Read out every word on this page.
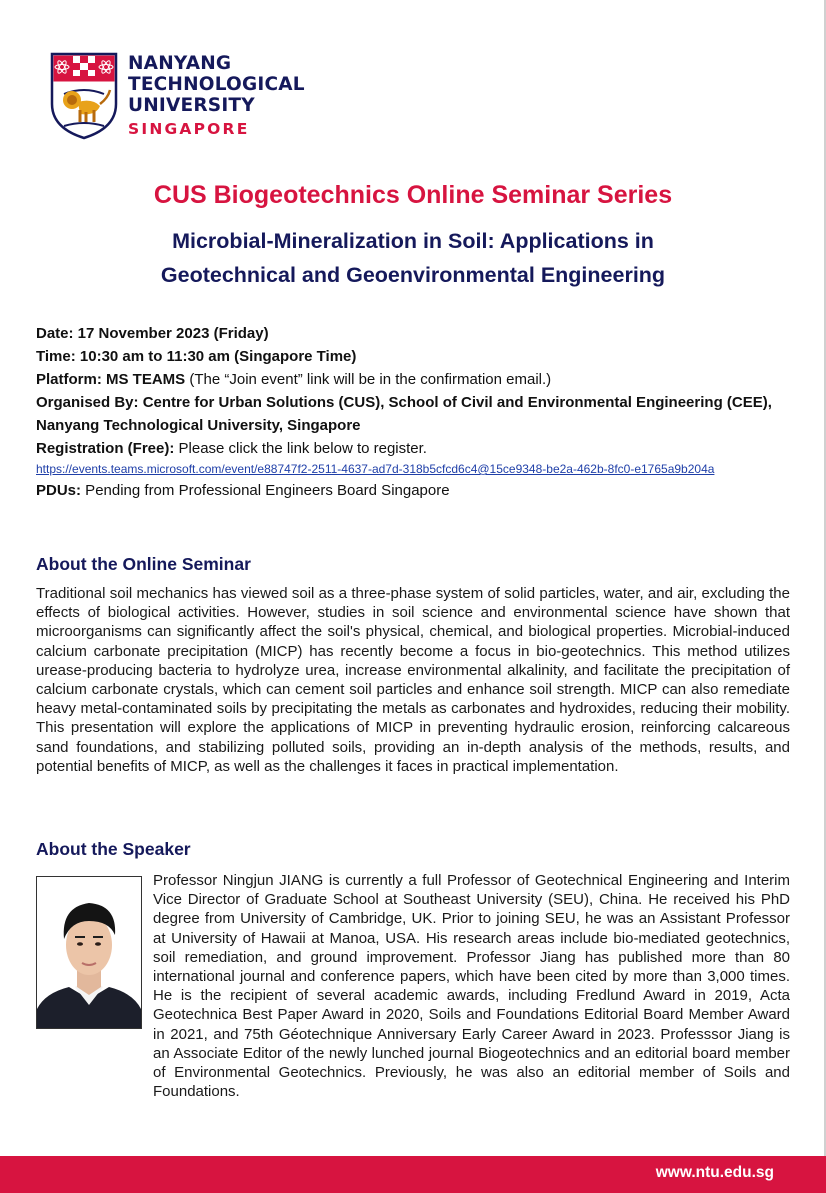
NANYANG
TECHNOLOGICAL
UNIVERSITY
SINGAPORE
CUS Biogeotechnics Online Seminar Series
Microbial-Mineralization in Soil: Applications in
Geotechnical and Geoenvironmental Engineering
Date: 17 November 2023 (Friday)
Time: 10:30 am to 11:30 am (Singapore Time)
Platform: MS TEAMS (The “Join event” link will be in the confirmation email.)
Organised By: Centre for Urban Solutions (CUS), School of Civil and Environmental Engineering (CEE), Nanyang Technological University, Singapore
Registration (Free): Please click the link below to register.
https://events.teams.microsoft.com/event/e88747f2-2511-4637-ad7d-318b5cfcd6c4@15ce9348-be2a-462b-8fc0-e1765a9b204a
PDUs: Pending from Professional Engineers Board Singapore
About the Online Seminar

Traditional soil mechanics has viewed soil as a three-phase system of solid particles, water, and air, excluding the effects of biological activities. However, studies in soil science and environmental science have shown that microorganisms can significantly affect the soil's physical, chemical, and biological properties. Microbial-induced calcium carbonate precipitation (MICP) has recently become a focus in bio-geotechnics. This method utilizes urease-producing bacteria to hydrolyze urea, increase environmental alkalinity, and facilitate the precipitation of calcium carbonate crystals, which can cement soil particles and enhance soil strength. MICP can also remediate heavy metal-contaminated soils by precipitating the metals as carbonates and hydroxides, reducing their mobility. This presentation will explore the applications of MICP in preventing hydraulic erosion, reinforcing calcareous sand foundations, and stabilizing polluted soils, providing an in-depth analysis of the methods, results, and potential benefits of MICP, as well as the challenges it faces in practical implementation.

About the Speaker

Professor Ningjun JIANG is currently a full Professor of Geotechnical Engineering and Interim Vice Director of Graduate School at Southeast University (SEU), China. He received his PhD degree from University of Cambridge, UK. Prior to joining SEU, he was an Assistant Professor at University of Hawaii at Manoa, USA. His research areas include bio-mediated geotechnics, soil remediation, and ground improvement. Professor Jiang has published more than 80 international journal and conference papers, which have been cited by more than 3,000 times. He is the recipient of several academic awards, including Fredlund Award in 2019, Acta Geotechnica Best Paper Award in 2020, Soils and Foundations Editorial Board Member Award in 2021, and 75th Géotechnique Anniversary Early Career Award in 2023. Professsor Jiang is an Associate Editor of the newly lunched journal Biogeotechnics and an editorial board member of Environmental Geotechnics. Previously, he was also an editorial member of Soils and Foundations.

www.ntu.edu.sg
